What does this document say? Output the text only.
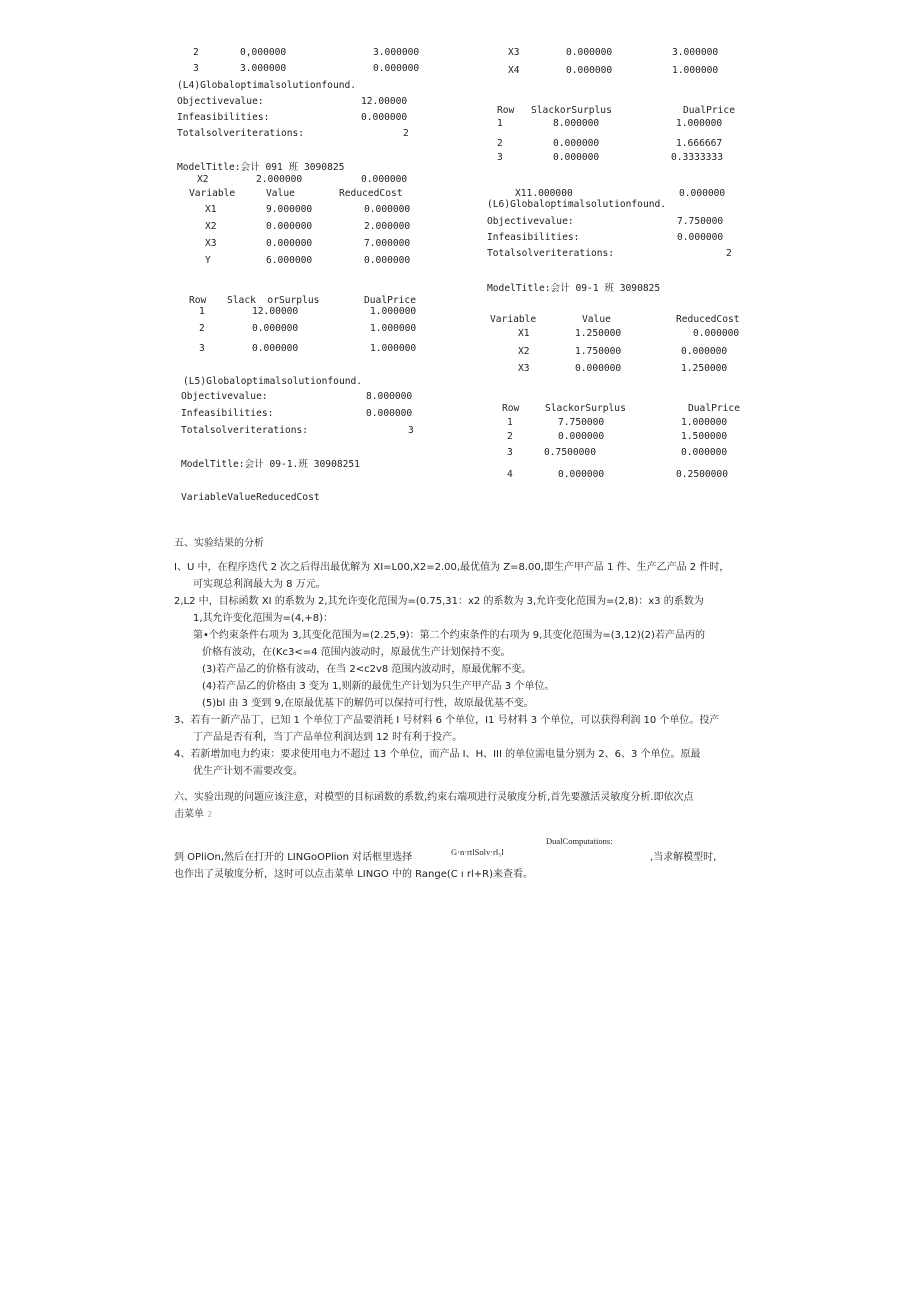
2	0,000000	3.000000
3	3.000000	0.000000
(L4)Globaloptimalsolutionfound.
Objectivevalue:	12.00000
Infeasibilities:	0.000000
Totalsolveriterations:	2
ModelTitle:会计 091 班 3090825
X2	2.000000	0.000000
Variable	Value	ReducedCost
X1	9.000000	0.000000
X2	0.000000	2.000000
X3	0.000000	7.000000
Y	6.000000	0.000000
Row Slack  orSurplus	DualPrice
1	12.00000	1.000000
2	0.000000	1.000000
3	0.000000	1.000000
(L5)Globaloptimalsolutionfound.
Objectivevalue:	8.000000
Infeasibilities:	0.000000
Totalsolveriterations:	3
ModelTitle:会计 09-1.班 30908251
VariableValueReducedCost
X3	0.000000	3.000000
X4	0.000000	1.000000
Row SlackorSurplus	DualPrice
1	8.000000	1.000000
2	0.000000	1.666667
3	0.000000	0.3333333
X11.000000	0.000000
(L6)Globaloptimalsolutionfound.
Objectivevalue:	7.750000
Infeasibilities:	0.000000
Totalsolveriterations:	2
ModelTitle:会计 09-1 班 3090825
Variable	Value	ReducedCost
X1	1.250000	0.000000
X2	1.750000	0.000000
X3	0.000000	1.250000
Row	SlackorSurplus	DualPrice
1	7.750000	1.000000
2	0.000000	1.500000
3	0.7500000	0.000000
4	0.000000	0.2500000
五、实验结果的分析
I、U 中，在程序迭代 2 次之后得出最优解为 XI=L00,X2=2.00,最优值为 Z=8.00,即生产甲产品 1 件、生产乙产品 2 件时，
可实现总利润最大为 8 万元。
2,L2 中，目标函数 XI 的系数为 2,其允许变化范围为=(0.75,31：x2 的系数为 3,允许变化范围为=(2,8)：x3 的系数为
1,其允许变化范围为=(4,+8)：
第•个约束条件右项为 3,其变化范围为=(2.25,9)：第二个约束条件的右项为 9,其变化范围为=(3,12)(2)若产品丙的
价格有波动，在(Kc3<=4 范围内波动时，原最优生产计划保持不变。
(3)若产品乙的价格有波动，在当 2<c2v8 范围内波动时，原最优解不变。
(4)若产品乙的价格由 3 变为 1,则新的最优生产计划为只生产甲产品 3 个单位。
(5)bl 由 3 变到 9,在原最优基下的解仍可以保持可行性，故原最优基不变。
3、若有一新产品丁，已知 1 个单位丁产品要消耗 I 号材料 6 个单位，I1 号材料 3 个单位，可以获得利润 10 个单位。投产
丁产品是否有利，当丁产品单位利润达到 12 时有利于投产。
4、若新增加电力约束：要求使用电力不超过 13 个单位，而产品 I、H、III 的单位需电量分别为 2、6、3 个单位。原最
优生产计划不需要改变。
六、实验出现的问题应该注意，对模型的目标函数的系数,约束右端项进行灵敏度分析,首先要激活灵敏度分析.即依次点
击菜单 2
DualComputations:
到 OPliOn,然后在打开的 LINGoOPlion 对话框里选择	G·n·rtlSolv·r‖₅l	,当求解模型时,
也作出了灵敏度分析，这时可以点击菜单 LINGO 中的 Range(C ı rl+R)来查看。
